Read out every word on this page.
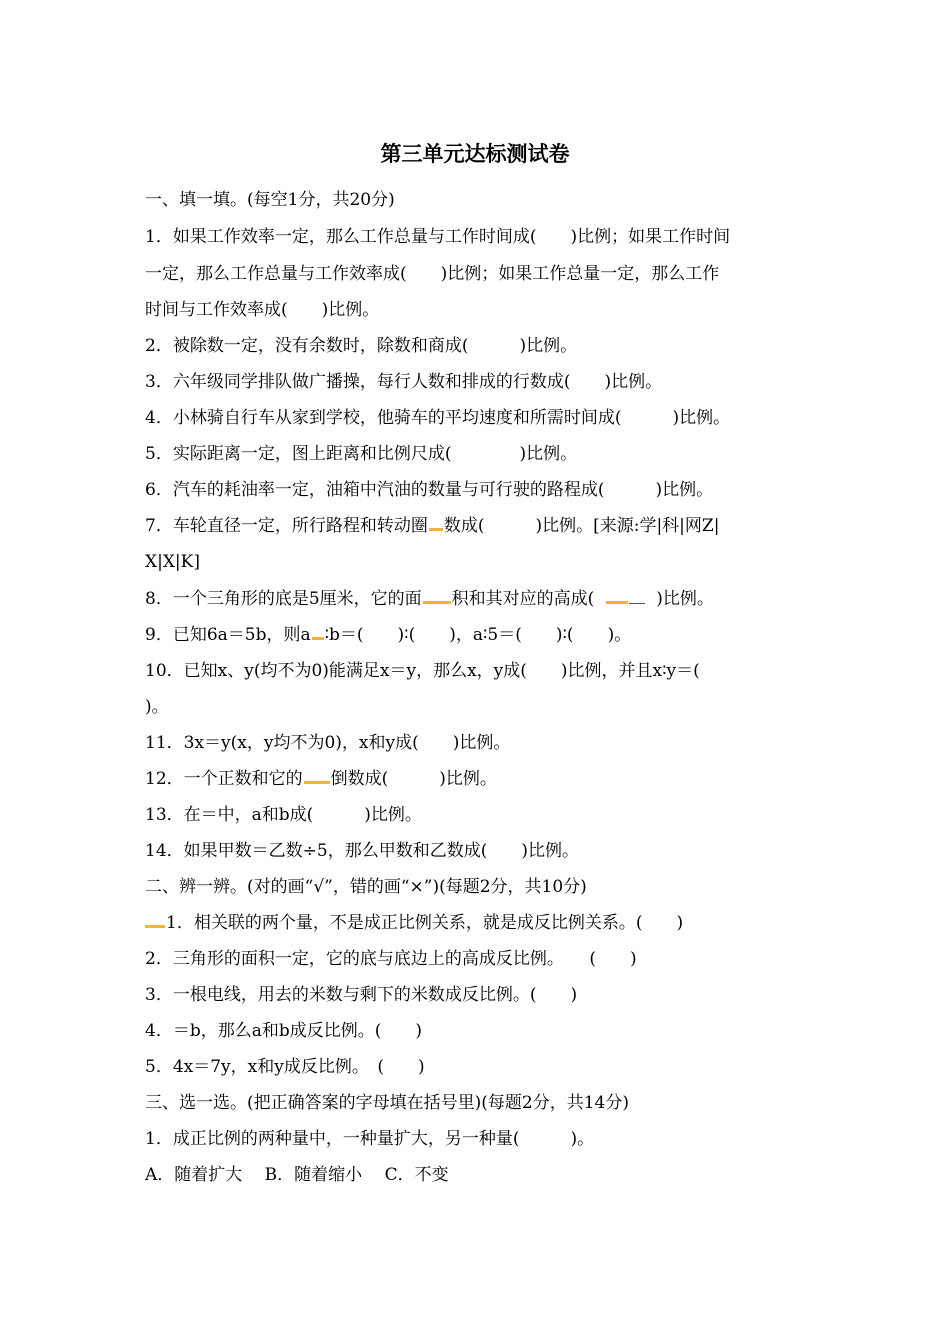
第三单元达标测试卷
一、填一填。(每空1分，共20分)
1．如果工作效率一定，那么工作总量与工作时间成(　　)比例；如果工作时间
一定，那么工作总量与工作效率成(　　)比例；如果工作总量一定，那么工作
时间与工作效率成(　　)比例。
2．被除数一定，没有余数时，除数和商成(　　　)比例。
3．六年级同学排队做广播操，每行人数和排成的行数成(　　)比例。
4．小林骑自行车从家到学校，他骑车的平均速度和所需时间成(　　　)比例。
5．实际距离一定，图上距离和比例尺成(　　　　)比例。
6．汽车的耗油率一定，油箱中汽油的数量与可行驶的路程成(　　　)比例。
7．车轮直径一定，所行路程和转动圈 数成(　　　)比例。[来源:学|科|网Z|
X|X|K]
8．一个三角形的底是5厘米，它的面 积和其对应的高成(	)比例。
9．已知6a＝5b，则a ∶b＝(　　)∶(　　)，a∶5＝(　　)∶(　　)。
10．已知x、y(均不为0)能满足x＝y，那么x，y成(　　)比例，并且x∶y＝(
)。
11．3x＝y(x，y均不为0)，x和y成(　　)比例。
12．一个正数和它的 倒数成(　　　)比例。
13．在＝中，a和b成(　　　)比例。
14．如果甲数＝乙数÷5，那么甲数和乙数成(　　)比例。
二、辨一辨。(对的画“√”，错的画“×”)(每题2分，共10分)
1．相关联的两个量，不是成正比例关系，就是成反比例关系。(　　)
2．三角形的面积一定，它的底与底边上的高成反比例。　　(　　)
3．一根电线，用去的米数与剩下的米数成反比例。(　　)
4．＝b，那么a和b成反比例。(　　)
5．4x＝7y，x和y成反比例。　(　　)
三、选一选。(把正确答案的字母填在括号里)(每题2分，共14分)
1．成正比例的两种量中，一种量扩大，另一种量(　　　)。
A．随着扩大　 B．随着缩小　 C．不变
